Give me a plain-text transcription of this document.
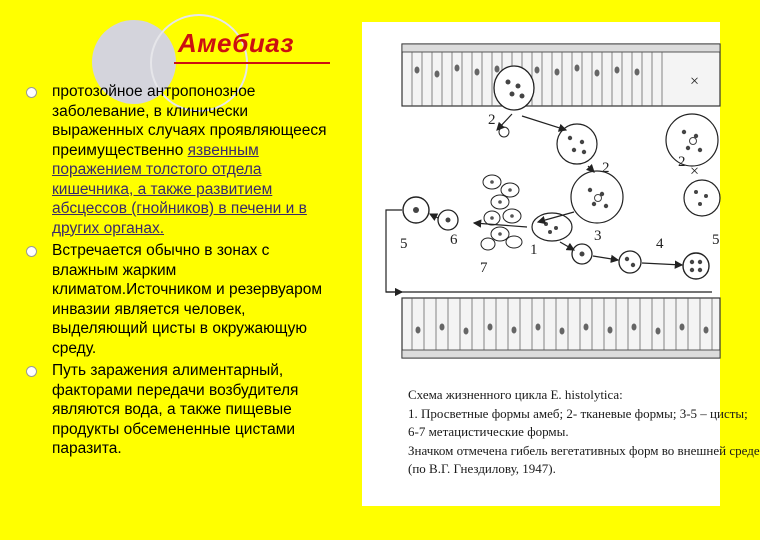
Амебиаз
протозойное антропонозное
заболевание, в клинически
выраженных случаях проявляющееся
преимущественно язвенным
поражением толстого отдела
кишечника, а также развитием
абсцессов (гнойников) в печени и в
других органах.
Встречается обычно в зонах с
влажным жарким
климатом.Источником и резервуаром
инвазии является человек,
выделяющий цисты в окружающую
среду.
Путь заражения алиментарный,
факторами передачи возбудителя
являются вода, а также пищевые
продукты обсемененные цистами
паразита.
2
2	2
5	6
1
3	4	5
7
×
×
Схема жизненного цикла E. histolytica:
1. Просветные формы амеб; 2- тканевые формы; 3-5 – цисты;
6-7 метацистические формы.
Значком отмечена гибель вегетативных форм во внешней среде
(по В.Г. Гнездилову, 1947).
